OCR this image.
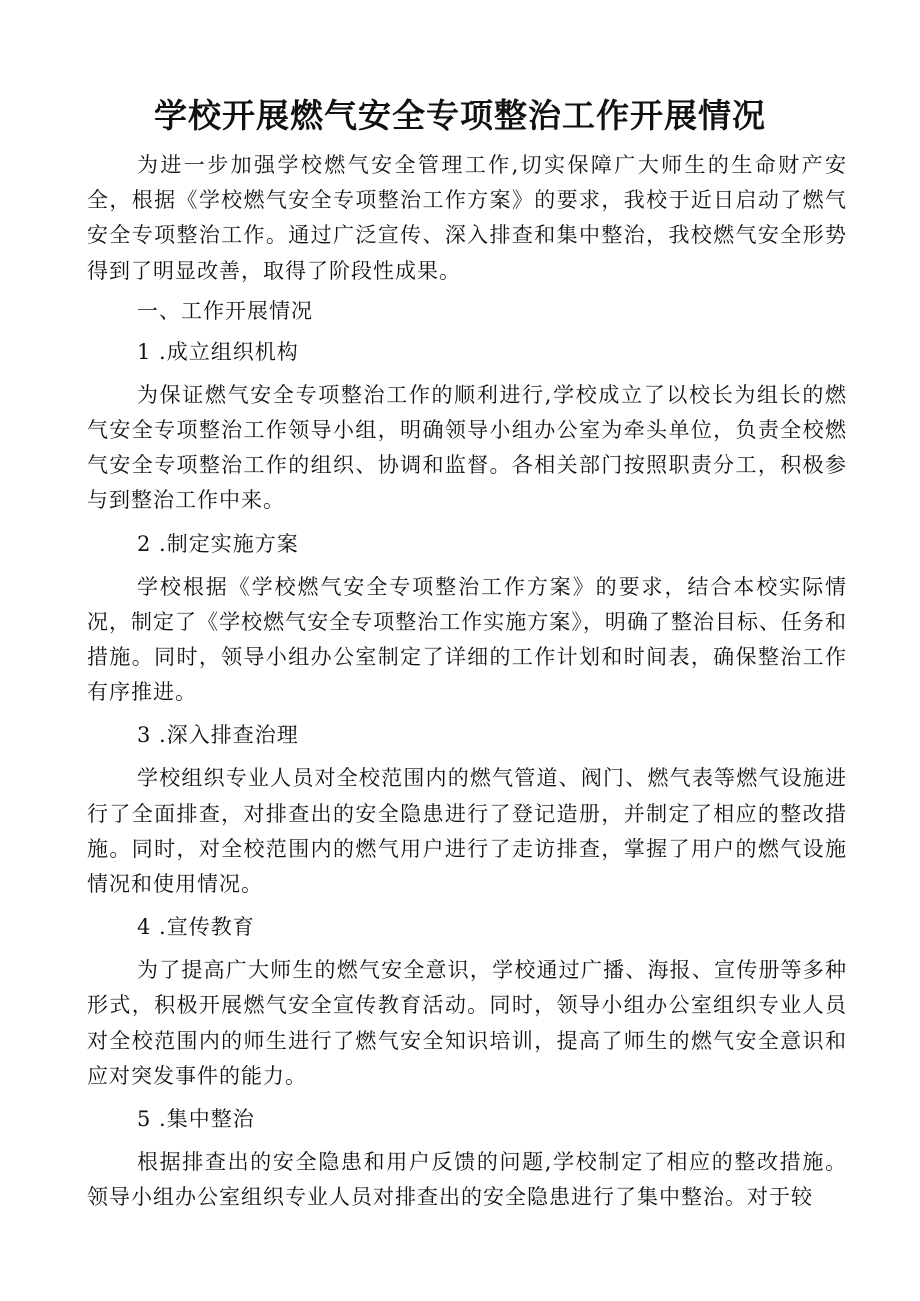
学校开展燃气安全专项整治工作开展情况

为进一步加强学校燃气安全管理工作,切实保障广大师生的生命财产安全，根据《学校燃气安全专项整治工作方案》的要求，我校于近日启动了燃气安全专项整治工作。通过广泛宣传、深入排查和集中整治，我校燃气安全形势得到了明显改善，取得了阶段性成果。

一、工作开展情况
1 .成立组织机构

为保证燃气安全专项整治工作的顺利进行,学校成立了以校长为组长的燃气安全专项整治工作领导小组，明确领导小组办公室为牵头单位，负责全校燃气安全专项整治工作的组织、协调和监督。各相关部门按照职责分工，积极参与到整治工作中来。

2 .制定实施方案

学校根据《学校燃气安全专项整治工作方案》的要求，结合本校实际情况，制定了《学校燃气安全专项整治工作实施方案》，明确了整治目标、任务和措施。同时，领导小组办公室制定了详细的工作计划和时间表，确保整治工作有序推进。

3 .深入排查治理

学校组织专业人员对全校范围内的燃气管道、阀门、燃气表等燃气设施进行了全面排查，对排查出的安全隐患进行了登记造册，并制定了相应的整改措施。同时，对全校范围内的燃气用户进行了走访排查，掌握了用户的燃气设施情况和使用情况。

4 .宣传教育

为了提高广大师生的燃气安全意识，学校通过广播、海报、宣传册等多种形式，积极开展燃气安全宣传教育活动。同时，领导小组办公室组织专业人员对全校范围内的师生进行了燃气安全知识培训，提高了师生的燃气安全意识和应对突发事件的能力。

5 .集中整治

根据排查出的安全隐患和用户反馈的问题,学校制定了相应的整改措施。领导小组办公室组织专业人员对排查出的安全隐患进行了集中整治。对于较
